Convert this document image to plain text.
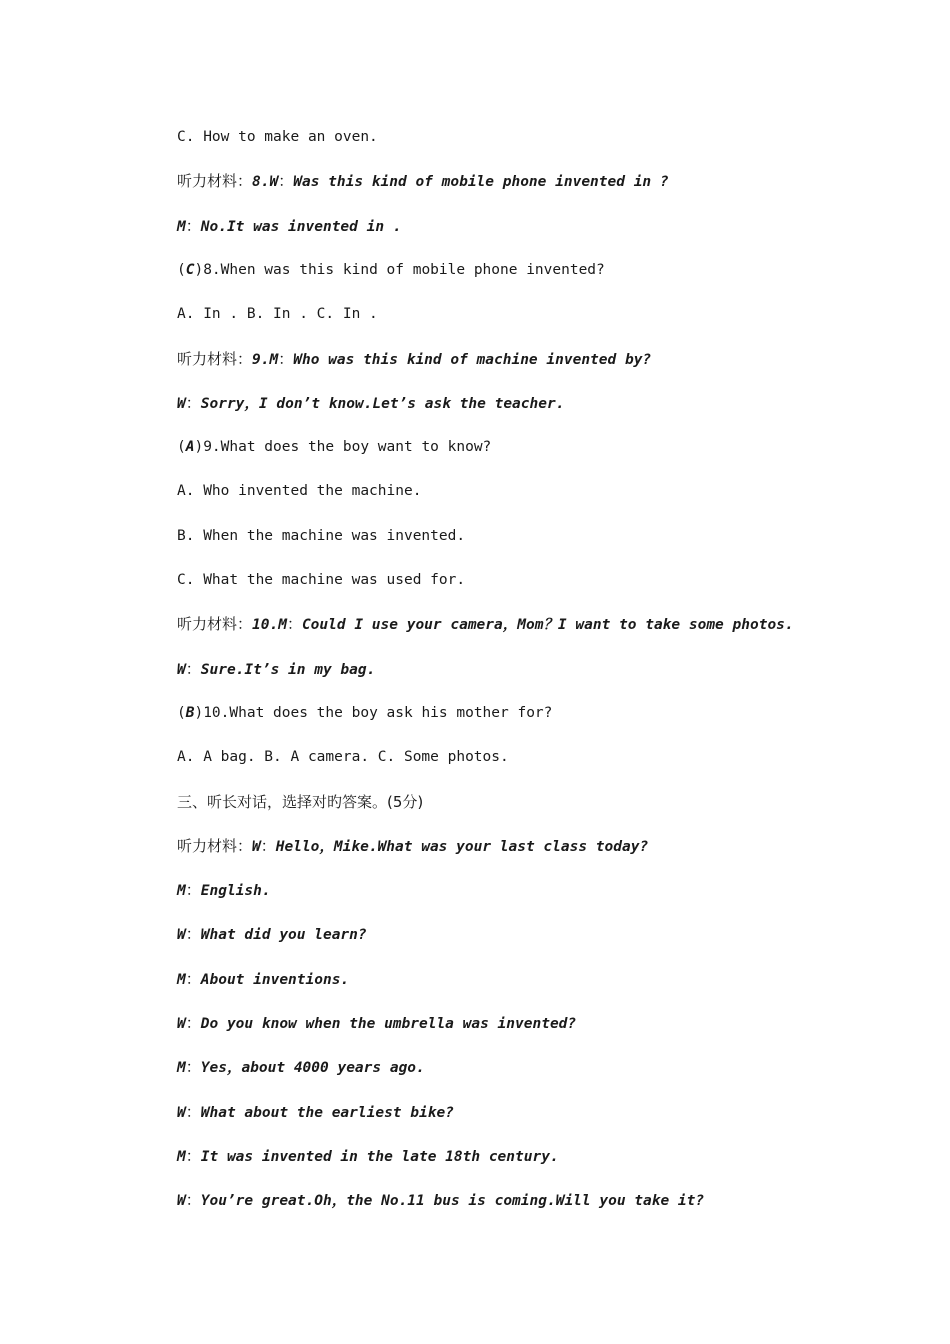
C. How to make an oven.
听力材料：8.W：Was this kind of mobile phone invented in ?
M：No.It was invented in .
(C)8.When was this kind of mobile phone invented?
A. In . B. In . C. In .
听力材料：9.M：Who was this kind of machine invented by?
W：Sorry，I don’t know.Let’s ask the teacher.
(A)9.What does the boy want to know?
A. Who invented the machine.
B. When the machine was invented.
C. What the machine was used for.
听力材料：10.M：Could I use your camera，Mom？I want to take some photos.
W：Sure.It’s in my bag.
(B)10.What does the boy ask his mother for?
A. A bag. B. A camera. C. Some photos.
三、听长对话，选择对旳答案。(5分)
听力材料：W：Hello，Mike.What was your last class today?
M：English.
W：What did you learn?
M：About inventions.
W：Do you know when the umbrella was invented?
M：Yes，about 4000 years ago.
W：What about the earliest bike?
M：It was invented in the late 18th century.
W：You’re great.Oh，the No.11 bus is coming.Will you take it?
